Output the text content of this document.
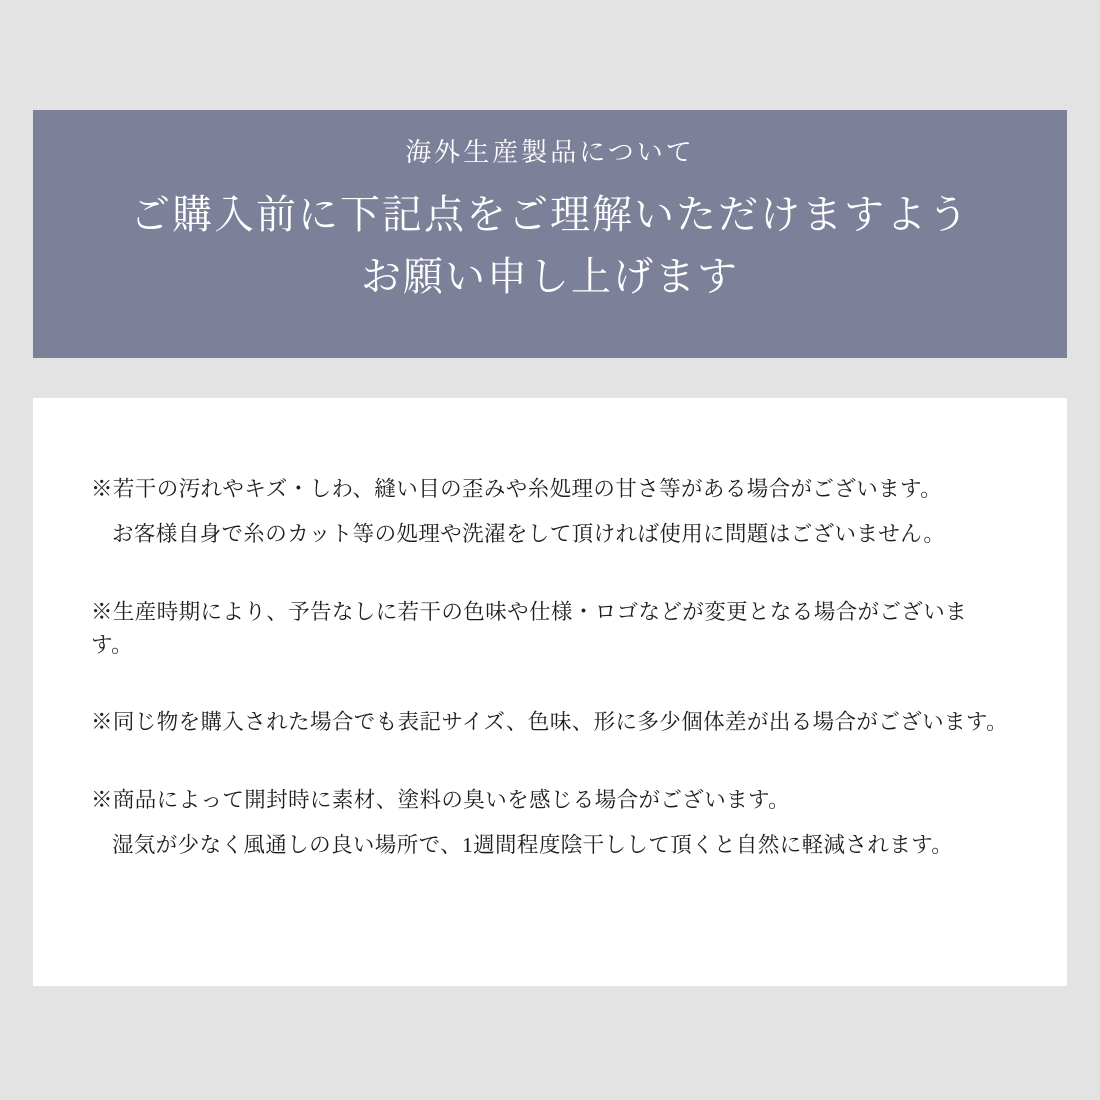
海外生産製品について
ご購入前に下記点をご理解いただけますよう
お願い申し上げます

※若干の汚れやキズ・しわ、縫い目の歪みや糸処理の甘さ等がある場合がございます。
お客様自身で糸のカット等の処理や洗濯をして頂ければ使用に問題はございません。

※生産時期により、予告なしに若干の色味や仕様・ロゴなどが変更となる場合がございます。

※同じ物を購入された場合でも表記サイズ、色味、形に多少個体差が出る場合がございます。

※商品によって開封時に素材、塗料の臭いを感じる場合がございます。
湿気が少なく風通しの良い場所で、1週間程度陰干しして頂くと自然に軽減されます。
